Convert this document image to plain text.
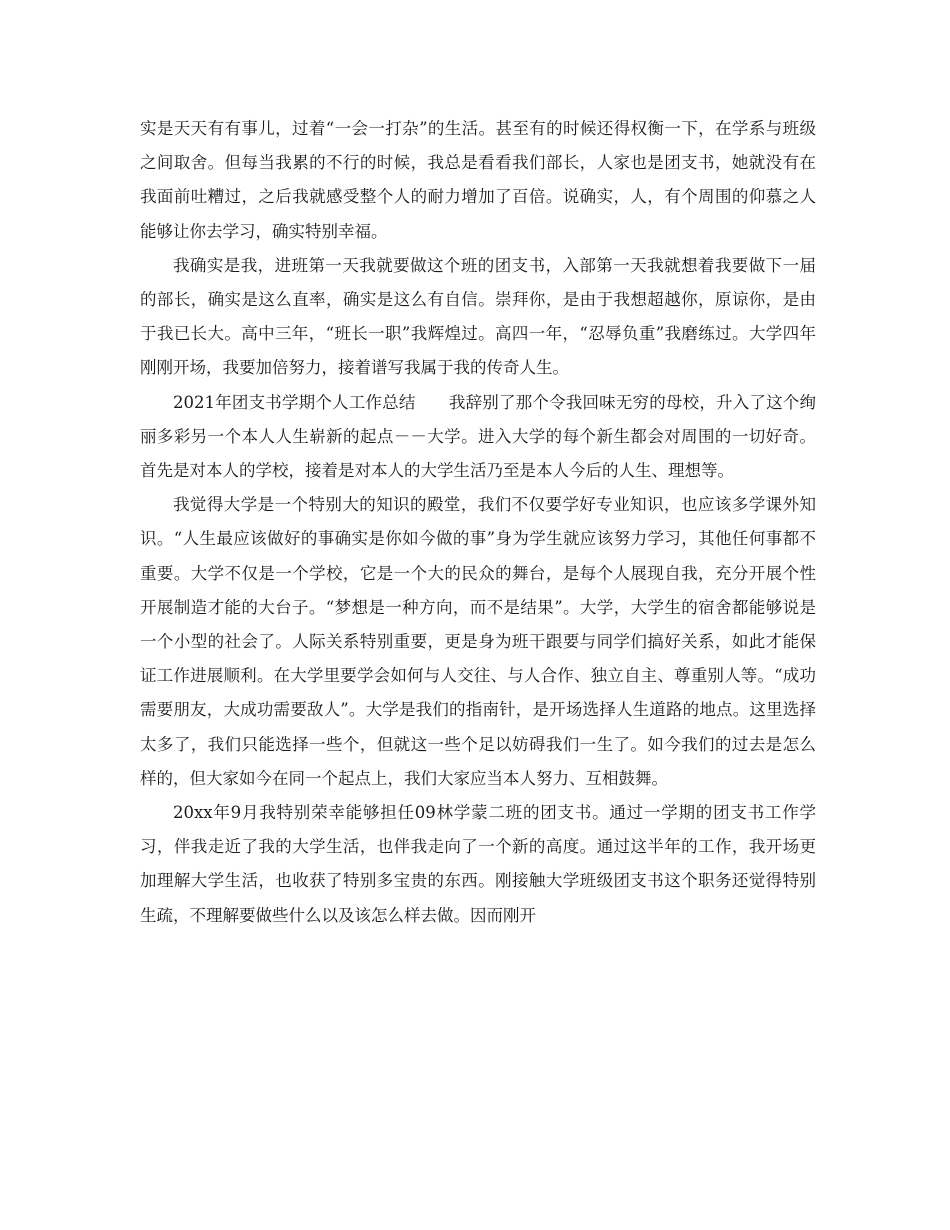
实是天天有有事儿，过着“一会一打杂”的生活。甚至有的时候还得权衡一下，在学系与班级之间取舍。但每当我累的不行的时候，我总是看看我们部长，人家也是团支书，她就没有在我面前吐糟过，之后我就感受整个人的耐力增加了百倍。说确实，人，有个周围的仰慕之人能够让你去学习，确实特别幸福。

我确实是我，进班第一天我就要做这个班的团支书，入部第一天我就想着我要做下一届的部长，确实是这么直率，确实是这么有自信。崇拜你，是由于我想超越你，原谅你，是由于我已长大。高中三年，“班长一职”我辉煌过。高四一年，“忍辱负重”我磨练过。大学四年刚刚开场，我要加倍努力，接着谱写我属于我的传奇人生。

2021年团支书学期个人工作总结　　我辞别了那个令我回味无穷的母校，升入了这个绚丽多彩另一个本人人生崭新的起点－－大学。进入大学的每个新生都会对周围的一切好奇。首先是对本人的学校，接着是对本人的大学生活乃至是本人今后的人生、理想等。

我觉得大学是一个特别大的知识的殿堂，我们不仅要学好专业知识，也应该多学课外知识。“人生最应该做好的事确实是你如今做的事”身为学生就应该努力学习，其他任何事都不重要。大学不仅是一个学校，它是一个大的民众的舞台，是每个人展现自我，充分开展个性开展制造才能的大台子。“梦想是一种方向，而不是结果”。大学，大学生的宿舍都能够说是一个小型的社会了。人际关系特别重要，更是身为班干跟要与同学们搞好关系，如此才能保证工作进展顺利。在大学里要学会如何与人交往、与人合作、独立自主、尊重别人等。“成功需要朋友，大成功需要敌人”。大学是我们的指南针，是开场选择人生道路的地点。这里选择太多了，我们只能选择一些个，但就这一些个足以妨碍我们一生了。如今我们的过去是怎么样的，但大家如今在同一个起点上，我们大家应当本人努力、互相鼓舞。

20xx年9月我特别荣幸能够担任09林学蒙二班的团支书。通过一学期的团支书工作学习，伴我走近了我的大学生活，也伴我走向了一个新的高度。通过这半年的工作，我开场更加理解大学生活，也收获了特别多宝贵的东西。刚接触大学班级团支书这个职务还觉得特别生疏，不理解要做些什么以及该怎么样去做。因而刚开
